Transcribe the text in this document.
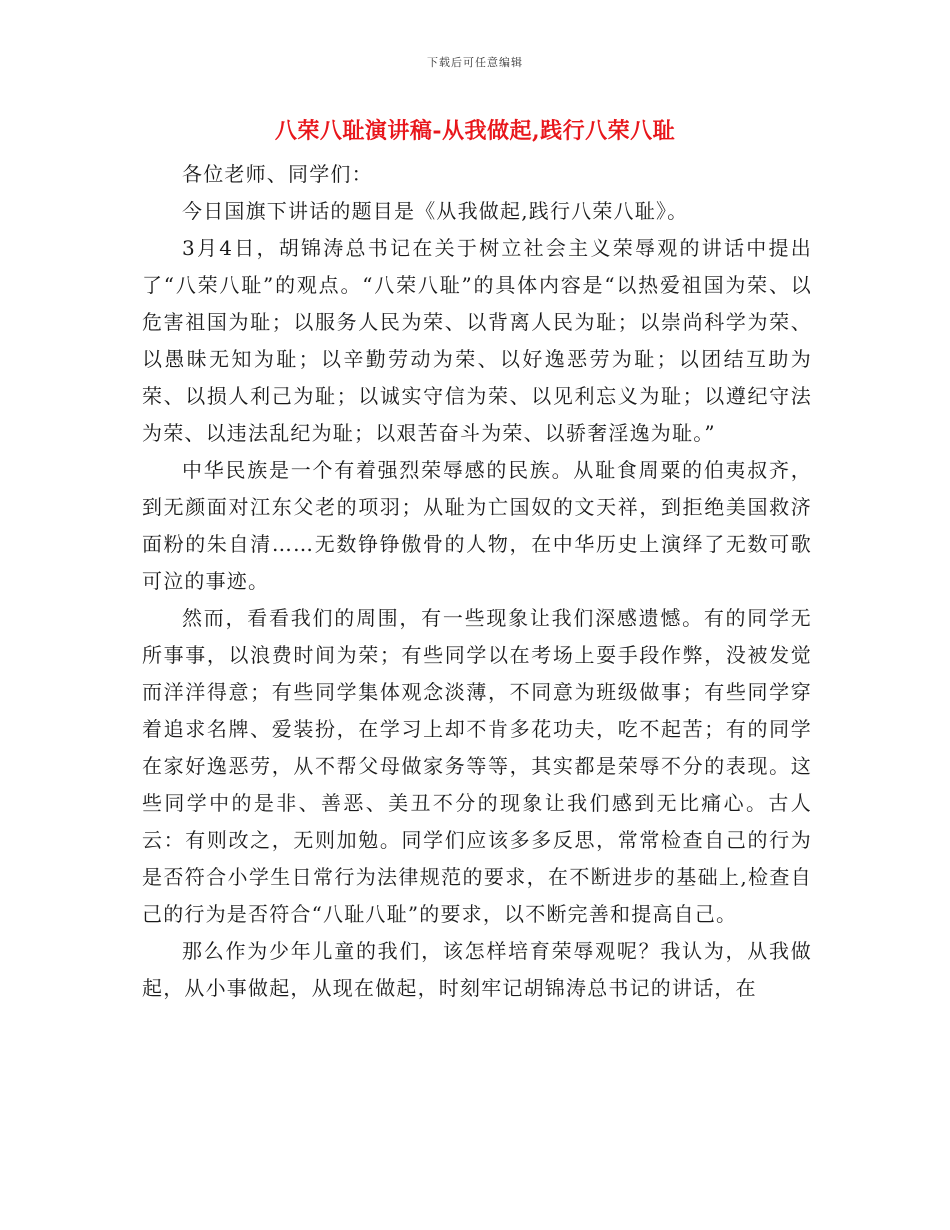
下载后可任意编辑
八荣八耻演讲稿-从我做起,践行八荣八耻

各位老师、同学们：

今日国旗下讲话的题目是《从我做起,践行八荣八耻》。

3月4日，胡锦涛总书记在关于树立社会主义荣辱观的讲话中提出了“八荣八耻”的观点。“八荣八耻”的具体内容是“以热爱祖国为荣、以危害祖国为耻；以服务人民为荣、以背离人民为耻；以崇尚科学为荣、以愚昧无知为耻；以辛勤劳动为荣、以好逸恶劳为耻；以团结互助为荣、以损人利己为耻；以诚实守信为荣、以见利忘义为耻；以遵纪守法为荣、以违法乱纪为耻；以艰苦奋斗为荣、以骄奢淫逸为耻。”

中华民族是一个有着强烈荣辱感的民族。从耻食周粟的伯夷叔齐，到无颜面对江东父老的项羽；从耻为亡国奴的文天祥，到拒绝美国救济面粉的朱自清……无数铮铮傲骨的人物，在中华历史上演绎了无数可歌可泣的事迹。

然而，看看我们的周围，有一些现象让我们深感遗憾。有的同学无所事事，以浪费时间为荣；有些同学以在考场上耍手段作弊，没被发觉而洋洋得意；有些同学集体观念淡薄，不同意为班级做事；有些同学穿着追求名牌、爱装扮，在学习上却不肯多花功夫，吃不起苦；有的同学在家好逸恶劳，从不帮父母做家务等等，其实都是荣辱不分的表现。这些同学中的是非、善恶、美丑不分的现象让我们感到无比痛心。古人云：有则改之，无则加勉。同学们应该多多反思，常常检查自己的行为是否符合小学生日常行为法律规范的要求，在不断进步的基础上,检查自己的行为是否符合“八耻八耻”的要求，以不断完善和提高自己。

那么作为少年儿童的我们，该怎样培育荣辱观呢？我认为，从我做起，从小事做起，从现在做起，时刻牢记胡锦涛总书记的讲话，在
